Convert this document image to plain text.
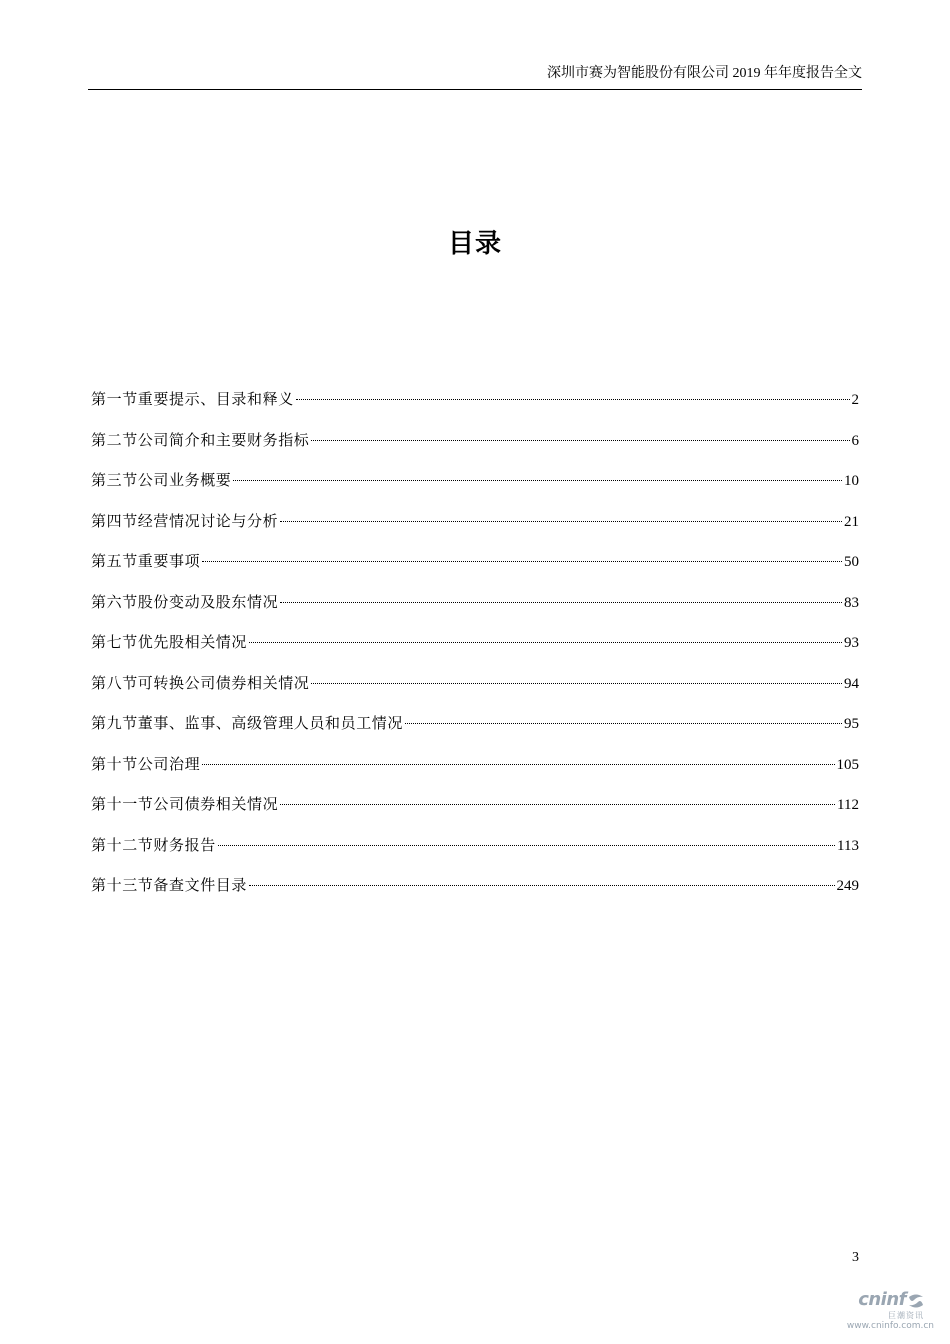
深圳市赛为智能股份有限公司 2019 年年度报告全文
目录
第一节重要提示、目录和释义	2
第二节公司简介和主要财务指标	6
第三节公司业务概要	10
第四节经营情况讨论与分析	21
第五节重要事项	50
第六节股份变动及股东情况	83
第七节优先股相关情况	93
第八节可转换公司债券相关情况	94
第九节董事、监事、高级管理人员和员工情况	95
第十节公司治理	105
第十一节公司债券相关情况	112
第十二节财务报告	113
第十三节备查文件目录	249
3
cninf
巨潮资讯
www.cninfo.com.cn
